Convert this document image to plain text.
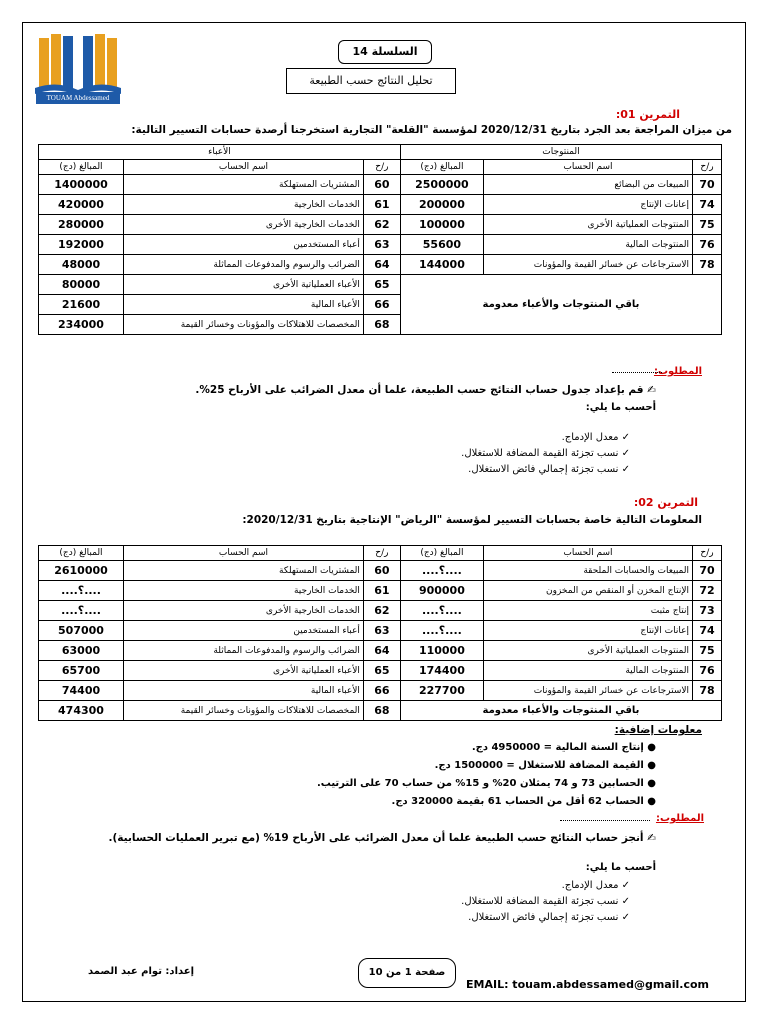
TOUAM Abdessamed
السلسلة 14
تحليل النتائج حسب الطبيعة
التمرين 01:
من ميزان المراجعة بعد الجرد بتاريخ 2020/12/31 لمؤسسة "القلعة" التجارية استخرجنا أرصدة حسابات التسيير التالية:
المنتوجات			الأعباء		
ر/ح	اسم الحساب	المبالغ (دج)	ر/ح	اسم الحساب	المبالغ (دج)
70	المبيعات من البضائع	2500000	60	المشتريات المستهلكة	1400000
74	إعانات الإنتاج	200000	61	الخدمات الخارجية	420000
75	المنتوجات العملياتية الأخرى	100000	62	الخدمات الخارجية الأخرى	280000
76	المنتوجات المالية	55600	63	أعباء المستخدمين	192000
78	الاسترجاعات عن خسائر القيمة والمؤونات	144000	64	الضرائب والرسوم والمدفوعات المماثلة	48000
باقي المنتوجات والأعباء معدومة			65	الأعباء العملياتية الأخرى	80000
			66	الأعباء المالية	21600
			68	المخصصات للاهتلاكات والمؤونات وخسائر القيمة	234000
المطلوب:
✍ قم بإعداد جدول حساب النتائج حسب الطبيعة، علما أن معدل الضرائب على الأرباح 25%.
أحسب ما يلي:
✓ معدل الإدماج.
✓ نسب تجزئة القيمة المضافة للاستغلال.
✓ نسب تجزئة إجمالي فائض الاستغلال.
التمرين 02:
المعلومات التالية خاصة بحسابات التسيير لمؤسسة "الرياض" الإنتاجية بتاريخ 2020/12/31:
ر/ح	اسم الحساب	المبالغ (دج)	ر/ح	اسم الحساب	المبالغ (دج)
70	المبيعات والحسابات الملحقة	....؟....	60	المشتريات المستهلكة	2610000
72	الإنتاج المخزن أو المنقص من المخزون	900000	61	الخدمات الخارجية	....؟....
73	إنتاج مثبت	....؟....	62	الخدمات الخارجية الأخرى	....؟....
74	إعانات الإنتاج	....؟....	63	أعباء المستخدمين	507000
75	المنتوجات العملياتية الأخرى	110000	64	الضرائب والرسوم والمدفوعات المماثلة	63000
76	المنتوجات المالية	174400	65	الأعباء العملياتية الأخرى	65700
78	الاسترجاعات عن خسائر القيمة والمؤونات	227700	66	الأعباء المالية	74400
باقي المنتوجات والأعباء معدومة			68	المخصصات للاهتلاكات والمؤونات وخسائر القيمة	474300
معلومات إضافية:
● إنتاج السنة المالية = 4950000 دج.
● القيمة المضافة للاستغلال = 1500000 دج.
● الحسابين 73 و 74 يمثلان 20% و 15% من حساب 70 على الترتيب.
● الحساب 62 أقل من الحساب 61 بقيمة 320000 دج.
المطلوب:
✍ أنجز حساب النتائج حسب الطبيعة علما أن معدل الضرائب على الأرباح 19% (مع تبرير العمليات الحسابية).
أحسب ما يلي:
✓ معدل الإدماج.
✓ نسب تجزئة القيمة المضافة للاستغلال.
✓ نسب تجزئة إجمالي فائض الاستغلال.
إعداد: توام عبد الصمد	صفحة 1 من 10
EMAIL: touam.abdessamed@gmail.com
